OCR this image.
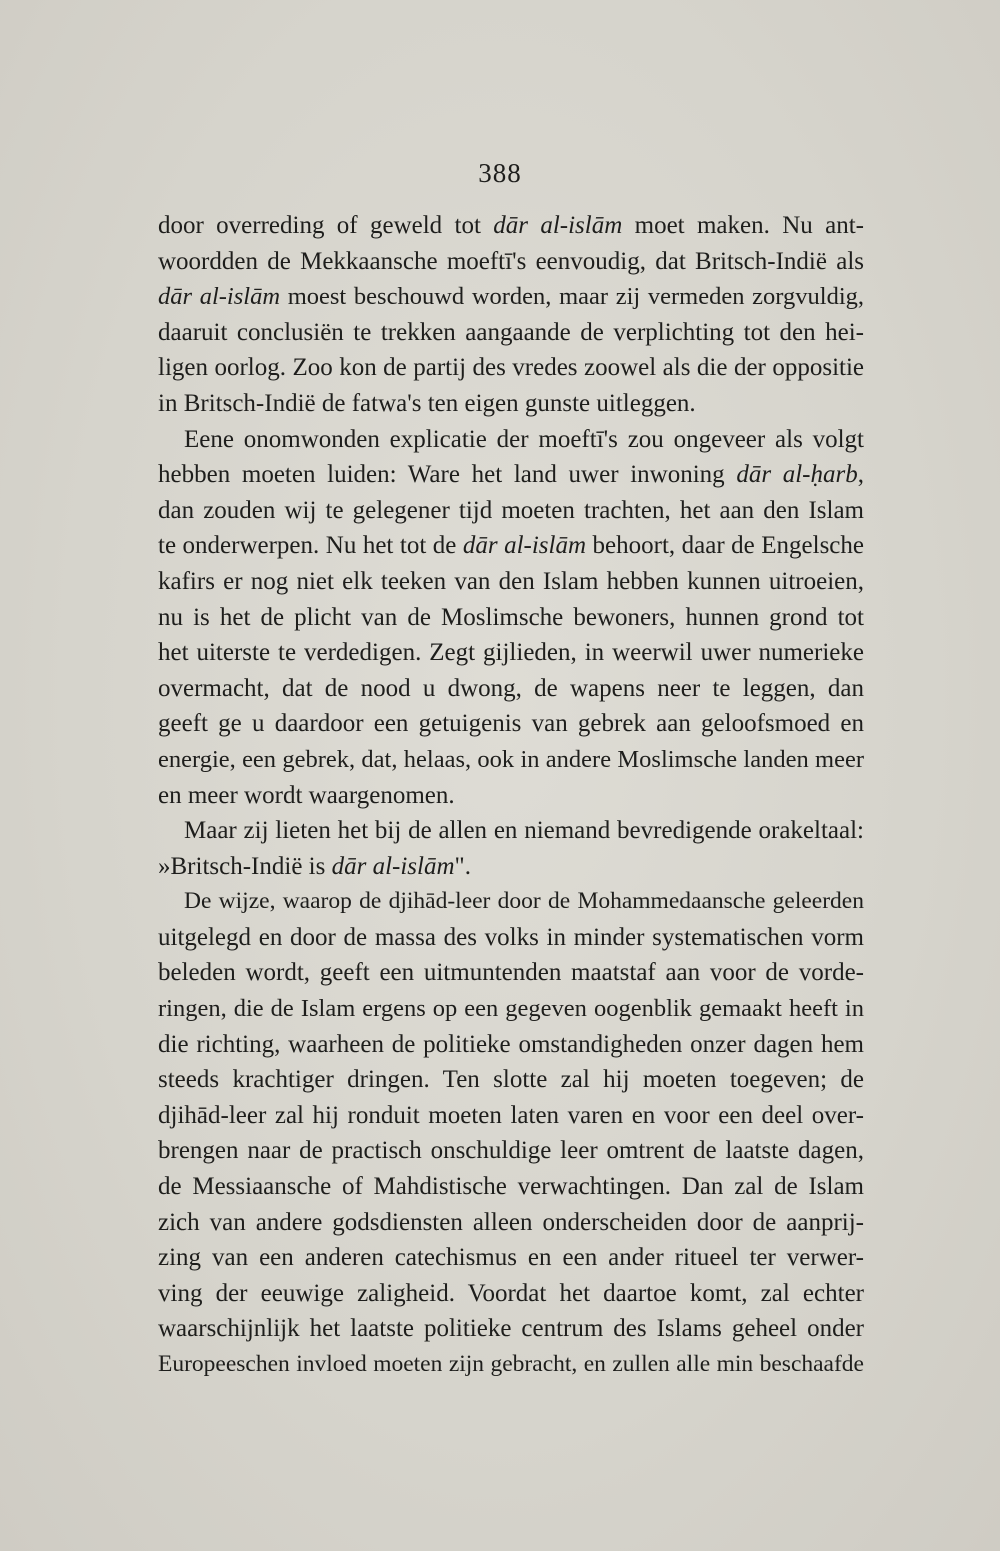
388
door overreding of geweld tot dār al-islām moet maken. Nu ant-
woordden de Mekkaansche moeftī's eenvoudig, dat Britsch-Indië als
dār al-islām moest beschouwd worden, maar zij vermeden zorgvuldig,
daaruit conclusiën te trekken aangaande de verplichting tot den hei-
ligen oorlog. Zoo kon de partij des vredes zoowel als die der oppositie
in Britsch-Indië de fatwa's ten eigen gunste uitleggen.
Eene onomwonden explicatie der moeftī's zou ongeveer als volgt
hebben moeten luiden: Ware het land uwer inwoning dār al-ḥarb,
dan zouden wij te gelegener tijd moeten trachten, het aan den Islam
te onderwerpen. Nu het tot de dār al-islām behoort, daar de Engelsche
kafirs er nog niet elk teeken van den Islam hebben kunnen uitroeien,
nu is het de plicht van de Moslimsche bewoners, hunnen grond tot
het uiterste te verdedigen. Zegt gijlieden, in weerwil uwer numerieke
overmacht, dat de nood u dwong, de wapens neer te leggen, dan
geeft ge u daardoor een getuigenis van gebrek aan geloofsmoed en
energie, een gebrek, dat, helaas, ook in andere Moslimsche landen meer
en meer wordt waargenomen.
Maar zij lieten het bij de allen en niemand bevredigende orakeltaal:
»Britsch-Indië is dār al-islām".
De wijze, waarop de djihād-leer door de Mohammedaansche geleerden
uitgelegd en door de massa des volks in minder systematischen vorm
beleden wordt, geeft een uitmuntenden maatstaf aan voor de vorde-
ringen, die de Islam ergens op een gegeven oogenblik gemaakt heeft in
die richting, waarheen de politieke omstandigheden onzer dagen hem
steeds krachtiger dringen. Ten slotte zal hij moeten toegeven; de
djihād-leer zal hij ronduit moeten laten varen en voor een deel over-
brengen naar de practisch onschuldige leer omtrent de laatste dagen,
de Messiaansche of Mahdistische verwachtingen. Dan zal de Islam
zich van andere godsdiensten alleen onderscheiden door de aanprij-
zing van een anderen catechismus en een ander ritueel ter verwer-
ving der eeuwige zaligheid. Voordat het daartoe komt, zal echter
waarschijnlijk het laatste politieke centrum des Islams geheel onder
Europeeschen invloed moeten zijn gebracht, en zullen alle min beschaafde
